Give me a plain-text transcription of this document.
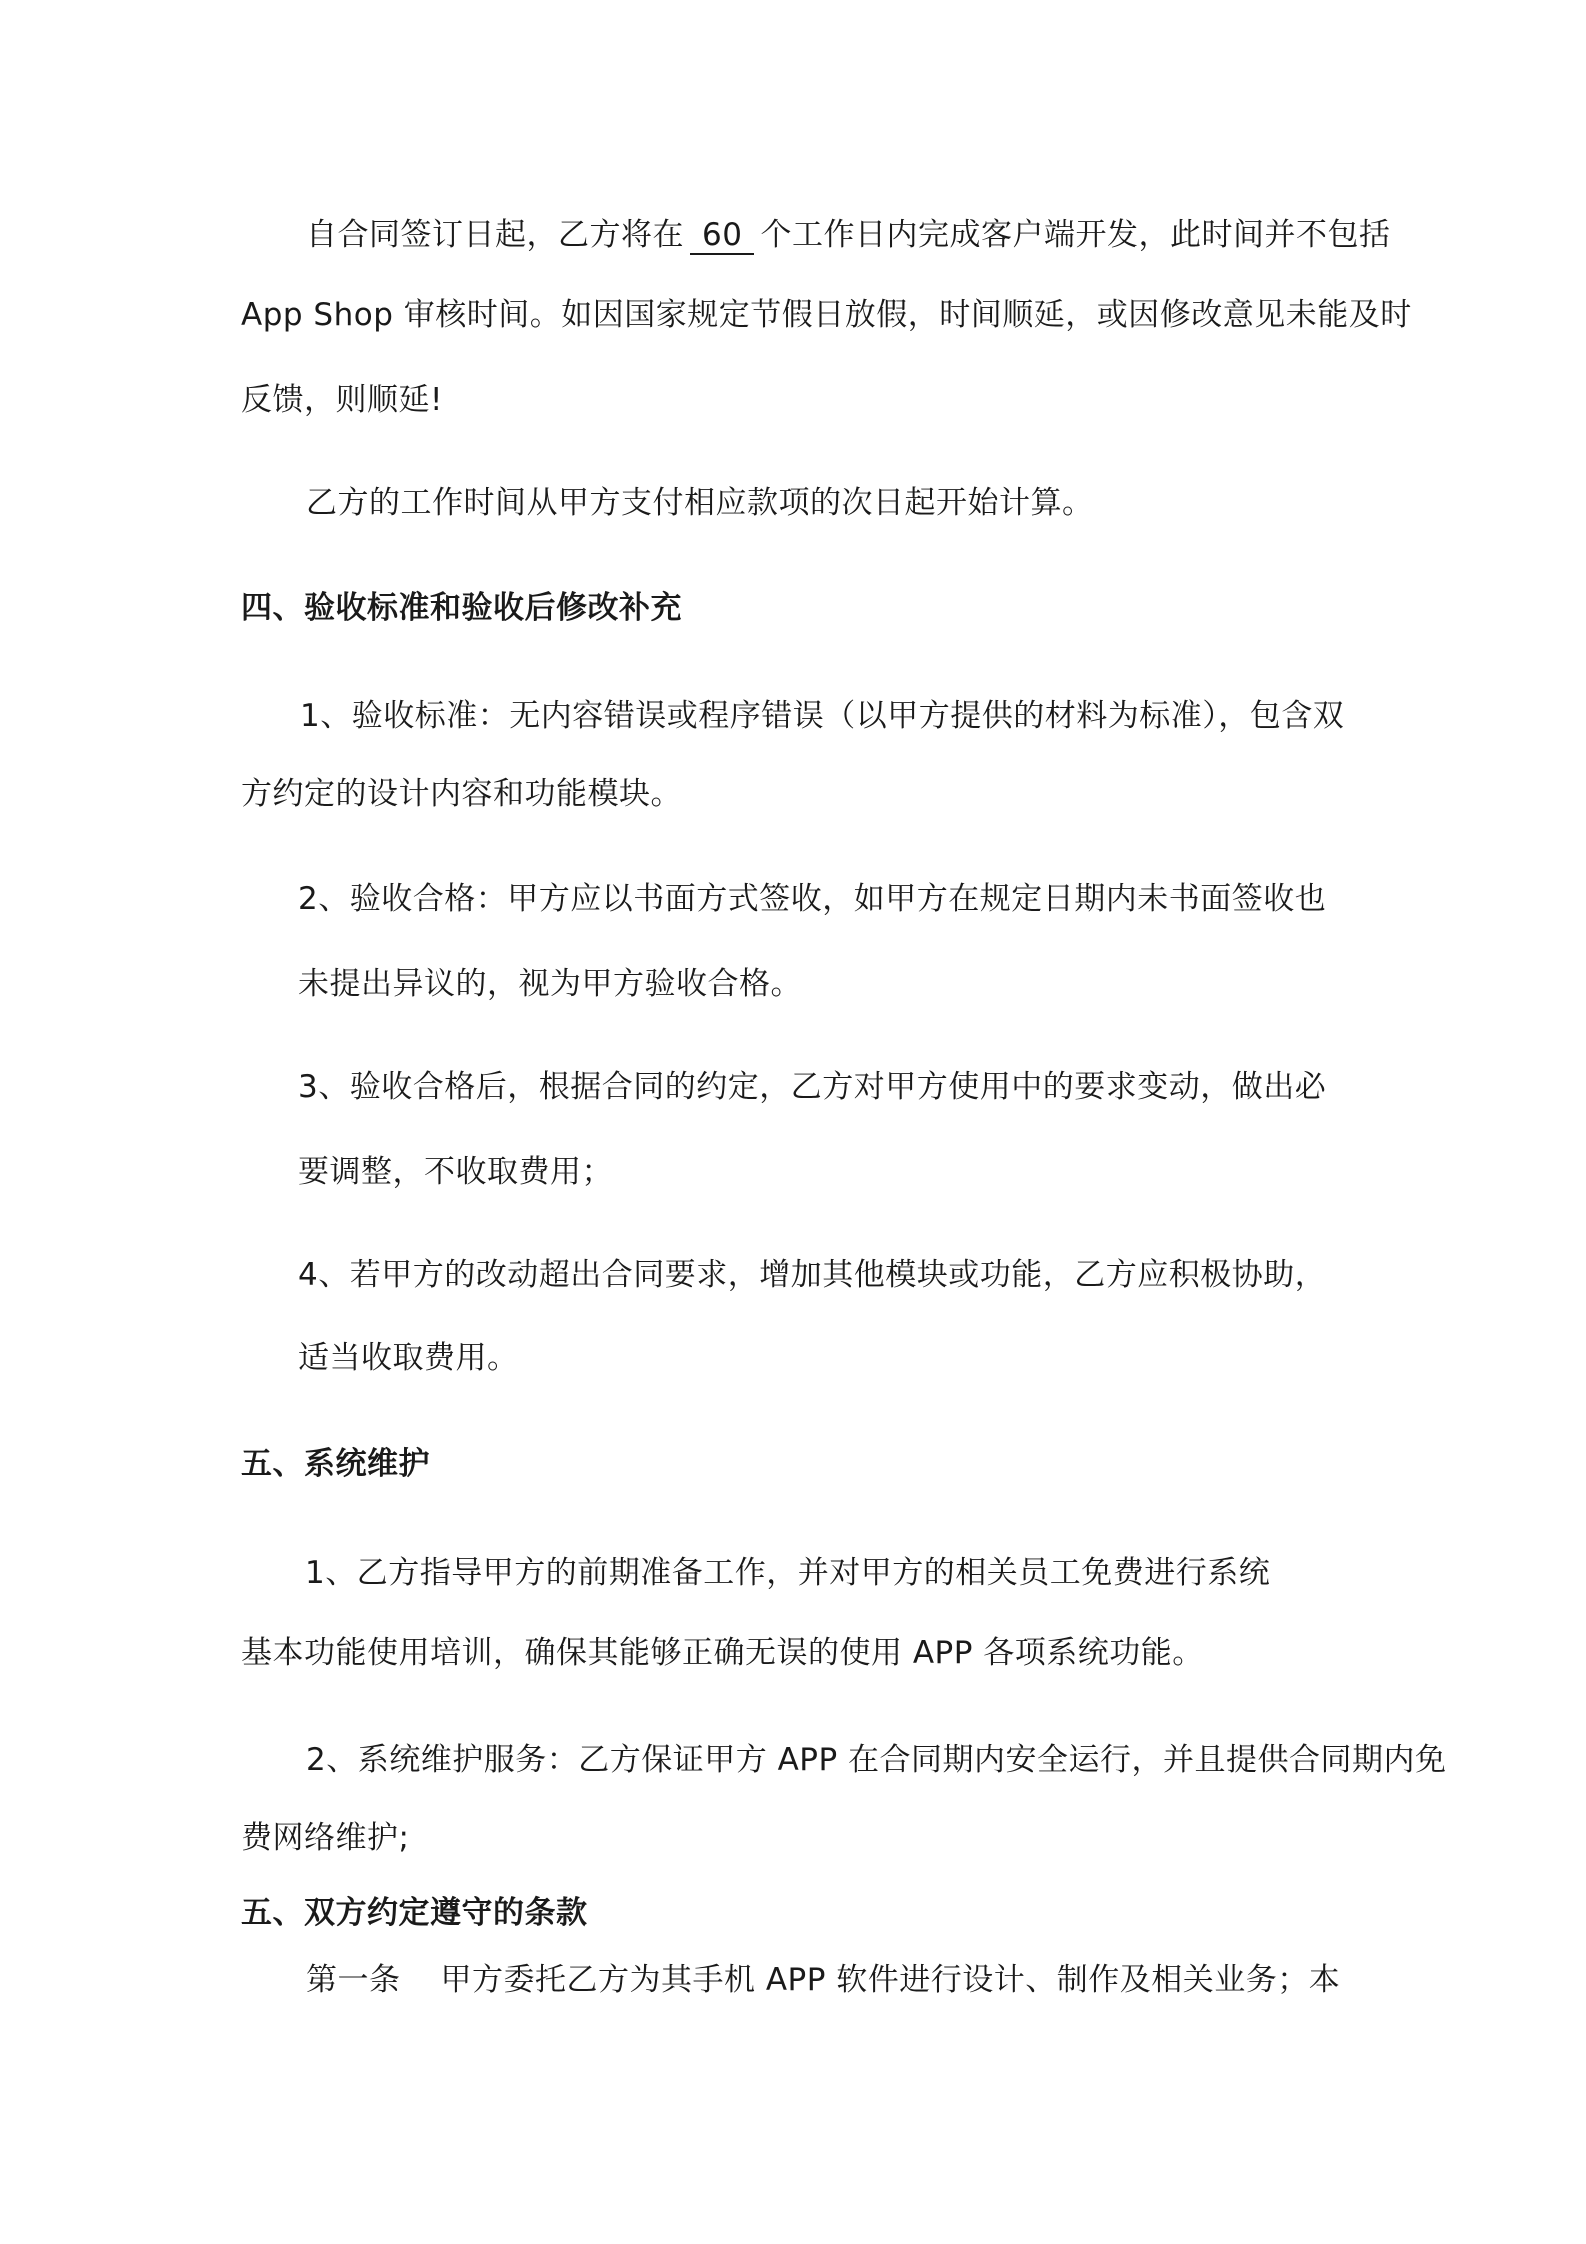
自合同签订日起，乙方将在 60 个工作日内完成客户端开发，此时间并不包括
App Shop 审核时间。如因国家规定节假日放假，时间顺延，或因修改意见未能及时
反馈，则顺延!
乙方的工作时间从甲方支付相应款项的次日起开始计算。
四、验收标准和验收后修改补充
1、验收标准：无内容错误或程序错误（以甲方提供的材料为标准），包含双
方约定的设计内容和功能模块。
2、验收合格：甲方应以书面方式签收，如甲方在规定日期内未书面签收也
未提出异议的，视为甲方验收合格。
3、验收合格后，根据合同的约定，乙方对甲方使用中的要求变动，做出必
要调整，不收取费用；
4、若甲方的改动超出合同要求，增加其他模块或功能，乙方应积极协助，
适当收取费用。
五、系统维护
1、乙方指导甲方的前期准备工作，并对甲方的相关员工免费进行系统
基本功能使用培训，确保其能够正确无误的使用 APP 各项系统功能。
2、系统维护服务：乙方保证甲方 APP 在合同期内安全运行，并且提供合同期内免
费网络维护;
五、双方约定遵守的条款
第一条 甲方委托乙方为其手机 APP 软件进行设计、制作及相关业务；本
